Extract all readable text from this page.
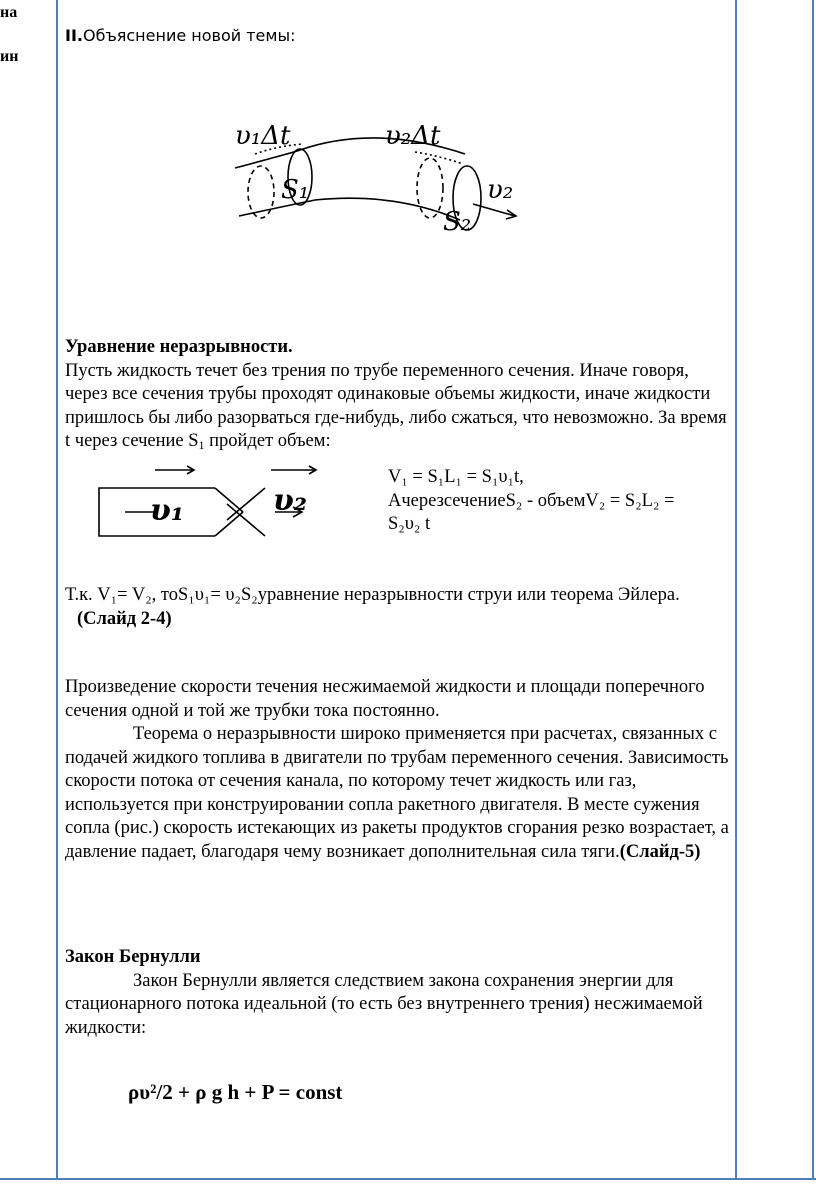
на
ин
II.Объяснение новой темы:
υ₁Δt	υ₂Δt
S₁
S₂
υ₂

Уравнение неразрывности.

Пусть жидкость течет без трения по трубе переменного сечения. Иначе говоря, через все сечения трубы проходят одинаковые объемы жидкости, иначе жидкости пришлось бы либо разорваться где-нибудь, либо сжаться, что невозможно. За время t через сечение $S_1$ пройдет объем:

υ₁	υ₂

V₁ = S₁L₁ = S₁υ₁t,

АчерезсечениеS₂ - объемV₂ = S₂L₂ =

S₂υ₂ t

Т.к. V₁= V₂, тоS₁υ₁= υ₂S₂уравнение неразрывности струи или теорема Эйлера.

(Слайд 2-4)

Произведение скорости течения несжимаемой жидкости и площади поперечного сечения одной и той же трубки тока постоянно.

Теорема о неразрывности широко применяется при расчетах, связанных с подачей жидкого топлива в двигатели по трубам переменного сечения. Зависимость скорости потока от сечения канала, по которому течет жидкость или газ, используется при конструировании сопла ракетного двигателя. В месте сужения сопла (рис.) скорость истекающих из ракеты продуктов сгорания резко возрастает, а давление падает, благодаря чему возникает дополнительная сила тяги.(Слайд-5)

Закон Бернулли

Закон Бернулли является следствием закона сохранения энергии для стационарного потока идеальной (то есть без внутреннего трения) несжимаемой жидкости:

ρυ²/2 + ρ g h + P = const
